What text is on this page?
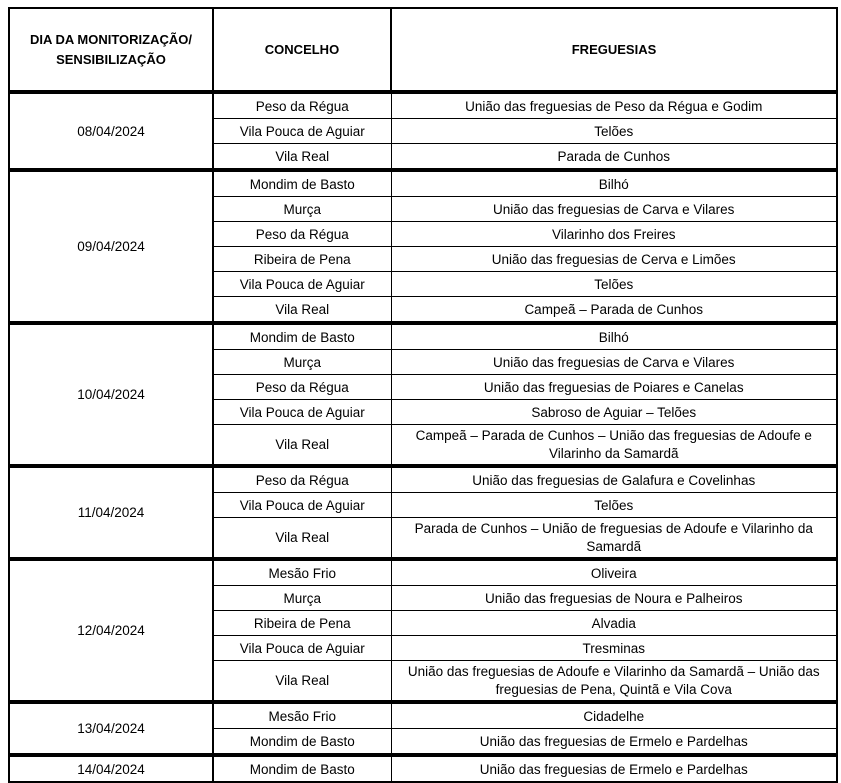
DIA DA MONITORIZAÇÃO/
SENSIBILIZAÇÃO	CONCELHO	FREGUESIAS
08/04/2024	Peso da Régua	União das freguesias de Peso da Régua e Godim
	Vila Pouca de Aguiar	Telões
	Vila Real	Parada de Cunhos
09/04/2024	Mondim de Basto	Bilhó
	Murça	União das freguesias de Carva e Vilares
	Peso da Régua	Vilarinho dos Freires
	Ribeira de Pena	União das freguesias de Cerva e Limões
	Vila Pouca de Aguiar	Telões
	Vila Real	Campeã – Parada de Cunhos
10/04/2024	Mondim de Basto	Bilhó
	Murça	União das freguesias de Carva e Vilares
	Peso da Régua	União das freguesias de Poiares e Canelas
	Vila Pouca de Aguiar	Sabroso de Aguiar – Telões
	Vila Real	Campeã – Parada de Cunhos – União das freguesias de Adoufe e Vilarinho da Samardã
11/04/2024	Peso da Régua	União das freguesias de Galafura e Covelinhas
	Vila Pouca de Aguiar	Telões
	Vila Real	Parada de Cunhos – União de freguesias de Adoufe e Vilarinho da Samardã
12/04/2024	Mesão Frio	Oliveira
	Murça	União das freguesias de Noura e Palheiros
	Ribeira de Pena	Alvadia
	Vila Pouca de Aguiar	Tresminas
	Vila Real	União das freguesias de Adoufe e Vilarinho da Samardã – União das freguesias de Pena, Quintã e Vila Cova
13/04/2024	Mesão Frio	Cidadelhe
	Mondim de Basto	União das freguesias de Ermelo e Pardelhas
14/04/2024	Mondim de Basto	União das freguesias de Ermelo e Pardelhas
